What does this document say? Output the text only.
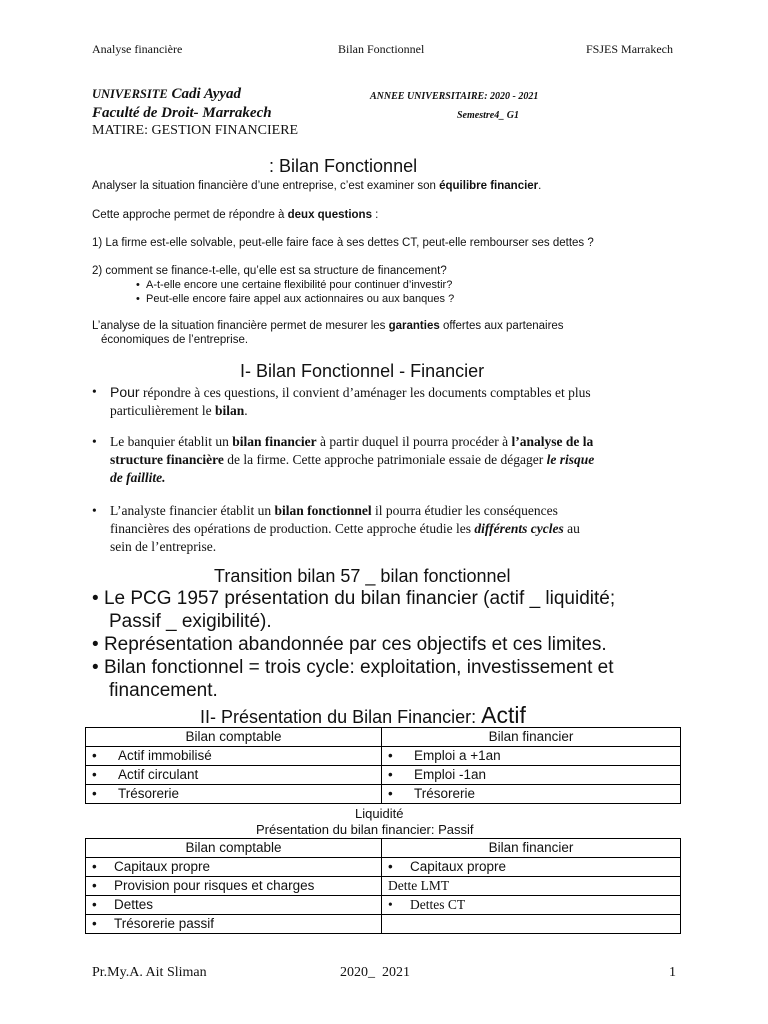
Analyse financière	Bilan Fonctionnel	FSJES Marrakech
UNIVERSITE Cadi Ayyad	ANNEE UNIVERSITAIRE: 2020 - 2021
Faculté de Droit- Marrakech	Semestre4_ G1
MATIRE: GESTION FINANCIERE
: Bilan Fonctionnel
Analyser la situation financière d’une entreprise, c’est examiner son équilibre financier.
Cette approche permet de répondre à deux questions :
1) La firme est-elle solvable, peut-elle faire face à ses dettes CT, peut-elle rembourser ses dettes ?
2) comment se finance-t-elle, qu’elle est sa structure de financement?
• A-t-elle encore une certaine flexibilité pour continuer d’investir?
• Peut-elle encore faire appel aux actionnaires ou aux banques ?
L’analyse de la situation financière permet de mesurer les garanties offertes aux partenaires
économiques de l’entreprise.
I- Bilan Fonctionnel - Financier
• Pour répondre à ces questions, il convient d’aménager les documents comptables et plus
particulièrement le bilan.
• Le banquier établit un bilan financier à partir duquel il pourra procéder à l’analyse de la
structure financière de la firme. Cette approche patrimoniale essaie de dégager le risque
de faillite.
• L’analyste financier établit un bilan fonctionnel il pourra étudier les conséquences
financières des opérations de production. Cette approche étudie les différents cycles au
sein de l’entreprise.
Transition bilan 57 _ bilan fonctionnel
• Le PCG 1957 présentation du bilan financier (actif _ liquidité;
Passif _ exigibilité).
• Représentation abandonnée par ces objectifs et ces limites.
• Bilan fonctionnel = trois cycle: exploitation, investissement et
financement.
II- Présentation du Bilan Financier: Actif
Bilan comptable	Bilan financier
• Actif immobilisé	• Emploi a +1an
• Actif circulant	• Emploi -1an
• Trésorerie	• Trésorerie
Liquidité
Présentation du bilan financier: Passif
Bilan comptable	Bilan financier
• Capitaux propre	• Capitaux propre
• Provision pour risques et charges	Dette LMT
• Dettes	• Dettes CT
• Trésorerie passif	
Pr.My.A. Ait Sliman	2020_  2021	1
